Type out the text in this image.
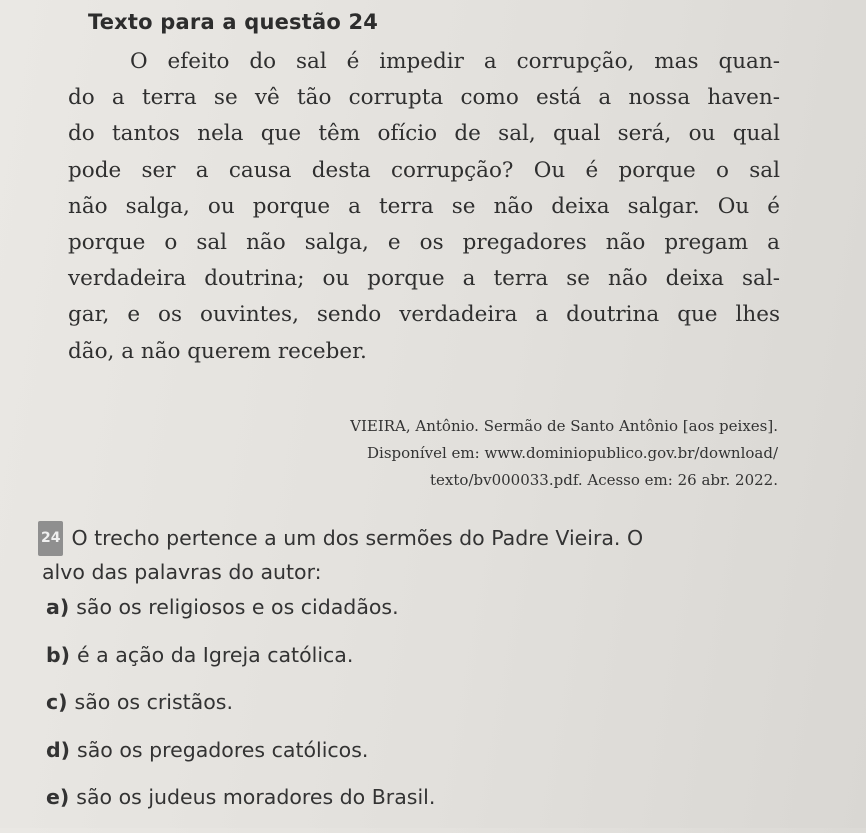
Texto para a questão 24
O efeito do sal é impedir a corrupção, mas quan-
do a terra se vê tão corrupta como está a nossa haven-
do tantos nela que têm ofício de sal, qual será, ou qual
pode ser a causa desta corrupção? Ou é porque o sal
não salga, ou porque a terra se não deixa salgar. Ou é
porque o sal não salga, e os pregadores não pregam a
verdadeira doutrina; ou porque a terra se não deixa sal-
gar, e os ouvintes, sendo verdadeira a doutrina que lhes
dão, a não querem receber.
VIEIRA, Antônio. Sermão de Santo Antônio [aos peixes].
Disponível em: www.dominiopublico.gov.br/download/
texto/bv000033.pdf. Acesso em: 26 abr. 2022.
24 O trecho pertence a um dos sermões do Padre Vieira. O
alvo das palavras do autor:
a) são os religiosos e os cidadãos.
b) é a ação da Igreja católica.
c) são os cristãos.
d) são os pregadores católicos.
e) são os judeus moradores do Brasil.
